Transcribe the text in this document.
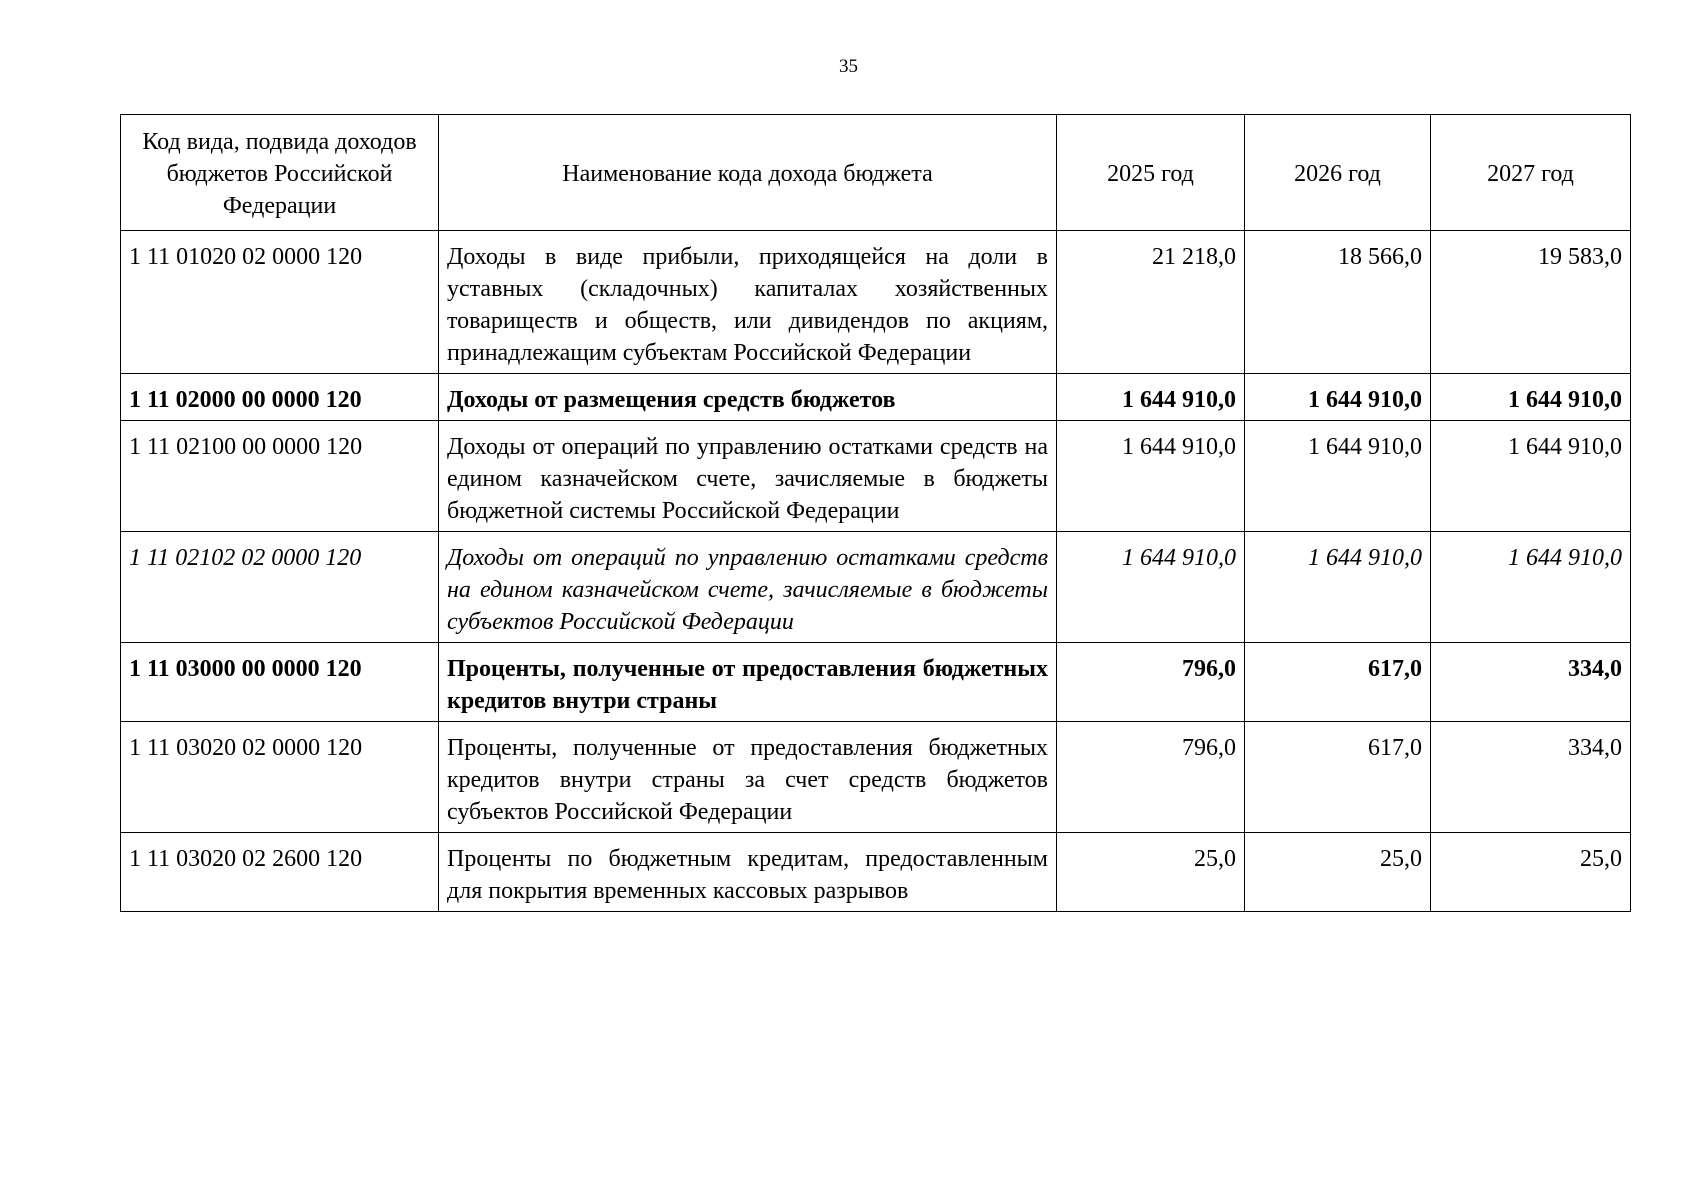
35
Код вида, подвида доходов бюджетов Российской Федерации	Наименование кода дохода бюджета	2025 год	2026 год	2027 год
1 11 01020 02 0000 120	Доходы в виде прибыли, приходящейся на доли в уставных (складочных) капиталах хозяйственных товариществ и обществ, или дивидендов по акциям, принадлежащим субъектам Российской Федерации	21 218,0	18 566,0	19 583,0
1 11 02000 00 0000 120	Доходы от размещения средств бюджетов	1 644 910,0	1 644 910,0	1 644 910,0
1 11 02100 00 0000 120	Доходы от операций по управлению остатками средств на едином казначейском счете, зачисляемые в бюджеты бюджетной системы Российской Федерации	1 644 910,0	1 644 910,0	1 644 910,0
1 11 02102 02 0000 120	Доходы от операций по управлению остатками средств на едином казначейском счете, зачисляемые в бюджеты субъектов Российской Федерации	1 644 910,0	1 644 910,0	1 644 910,0
1 11 03000 00 0000 120	Проценты, полученные от предоставления бюджетных кредитов внутри страны	796,0	617,0	334,0
1 11 03020 02 0000 120	Проценты, полученные от предоставления бюджетных кредитов внутри страны за счет средств бюджетов субъектов Российской Федерации	796,0	617,0	334,0
1 11 03020 02 2600 120	Проценты по бюджетным кредитам, предоставленным для покрытия временных кассовых разрывов	25,0	25,0	25,0
